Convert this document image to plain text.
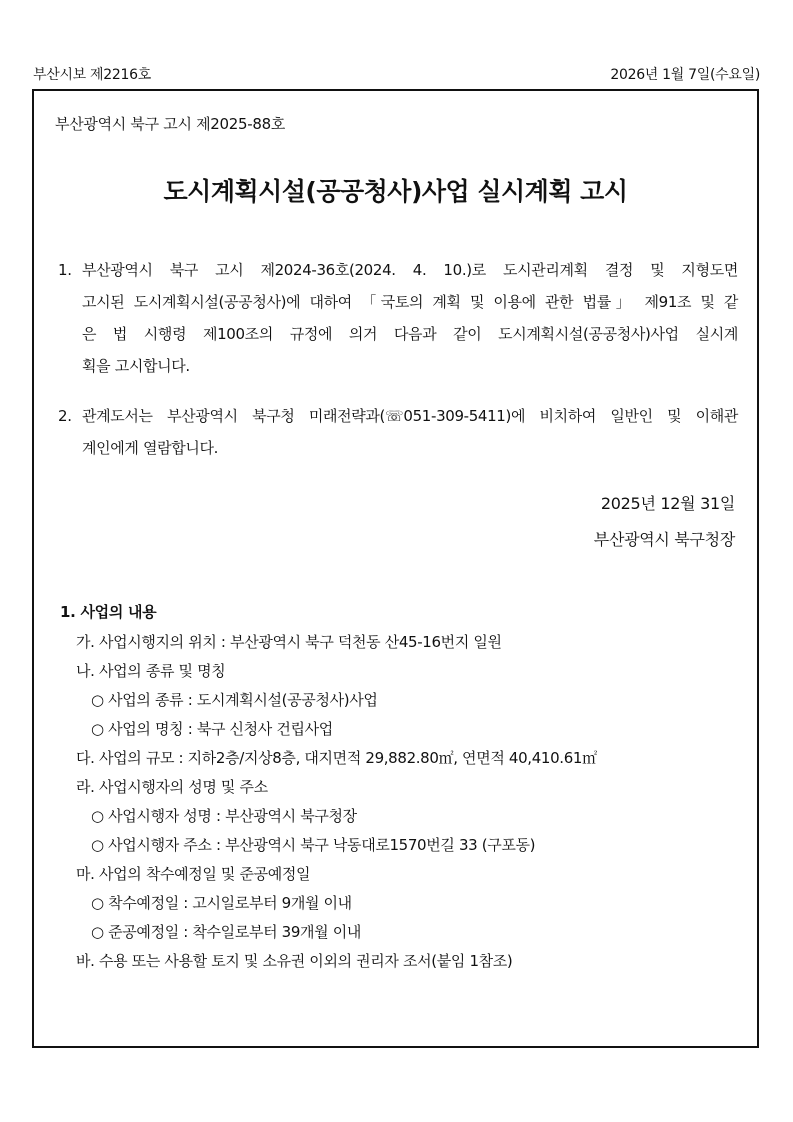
부산시보 제2216호	2026년 1월 7일(수요일)
부산광역시 북구 고시 제2025-88호
도시계획시설(공공청사)사업 실시계획 고시
1. 부산광역시 북구 고시 제2024-36호(2024. 4. 10.)로 도시관리계획 결정 및 지형도면
고시된 도시계획시설(공공청사)에 대하여 「국토의 계획 및 이용에 관한 법률」 제91조 및 같
은 법 시행령 제100조의 규정에 의거 다음과 같이 도시계획시설(공공청사)사업 실시계
획을 고시합니다.
2. 관계도서는 부산광역시 북구청 미래전략과(☏051-309-5411)에 비치하여 일반인 및 이해관
계인에게 열람합니다.
2025년 12월 31일
부산광역시 북구청장
1. 사업의 내용
가. 사업시행지의 위치 : 부산광역시 북구 덕천동 산45-16번지 일원
나. 사업의 종류 및 명칭
○ 사업의 종류 : 도시계획시설(공공청사)사업
○ 사업의 명칭 : 북구 신청사 건립사업
다. 사업의 규모 : 지하2층/지상8층, 대지면적 29,882.80㎡, 연면적 40,410.61㎡
라. 사업시행자의 성명 및 주소
○ 사업시행자 성명 : 부산광역시 북구청장
○ 사업시행자 주소 : 부산광역시 북구 낙동대로1570번길 33 (구포동)
마. 사업의 착수예정일 및 준공예정일
○ 착수예정일 : 고시일로부터 9개월 이내
○ 준공예정일 : 착수일로부터 39개월 이내
바. 수용 또는 사용할 토지 및 소유권 이외의 권리자 조서(붙임 1참조)
